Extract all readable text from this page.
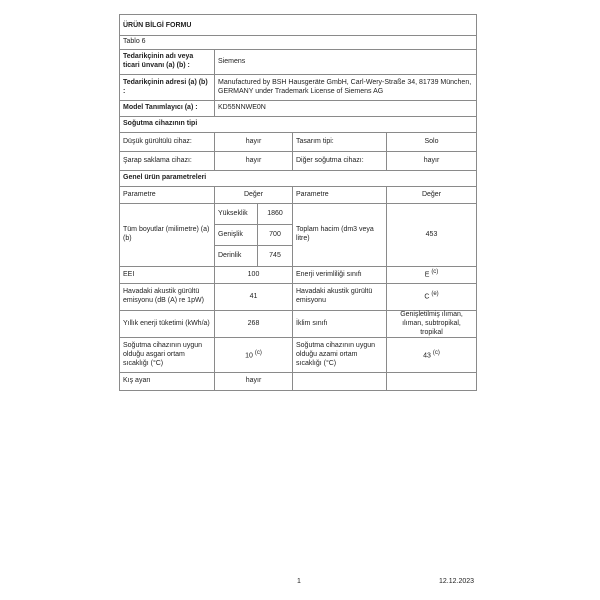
ÜRÜN BİLGİ FORMU
Tablo 6
Tedarikçinin adı veya ticari ünvanı (a) (b) :	Siemens
Tedarikçinin adresi (a) (b) :	Manufactured by BSH Hausgeräte GmbH, Carl-Wery-Straße 34, 81739 München, GERMANY under Trademark License of Siemens AG
Model Tanımlayıcı (a) :	KD55NNWE0N
Soğutma cihazının tipi
Düşük gürültülü cihaz:	hayır	Tasarım tipi:	Solo
Şarap saklama cihazı:	hayır	Diğer soğutma cihazı:	hayır
Genel ürün parametreleri
Parametre	Değer	Parametre	Değer
Tüm boyutlar (milimetre) (a) (b)	
Yükseklik	1860
Genişlik	700
Derinlik	745
	Toplam hacim (dm3 veya litre)	453
EEI	100	Enerji verimliliği sınıfı	E (c)
Havadaki akustik gürültü emisyonu (dB (A) re 1pW)	41	Havadaki akustik gürültü emisyonu	C (e)
Yıllık enerji tüketimi (kWh/a)	268	İklim sınıfı	Genişletilmiş ılıman, ılıman, subtropikal, tropikal
Soğutma cihazının uygun olduğu asgari ortam sıcaklığı (°C)	10 (c)	Soğutma cihazının uygun olduğu azami ortam sıcaklığı (°C)	43 (c)
Kış ayarı	hayır		
1	12.12.2023
